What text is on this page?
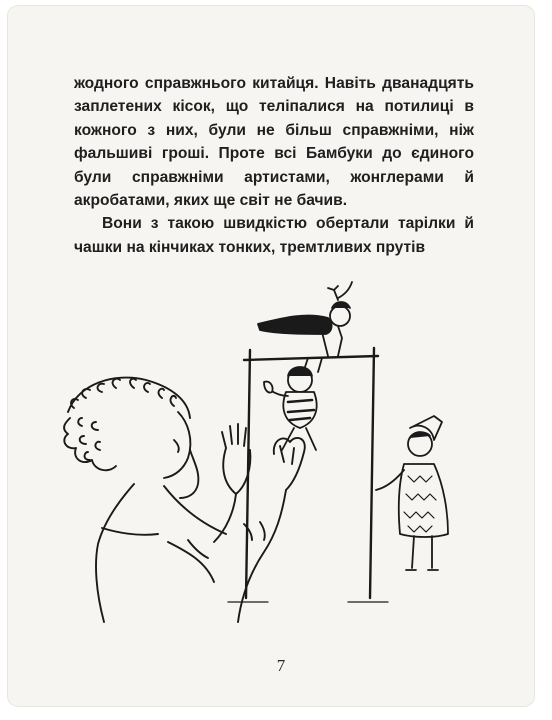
жодного справжнього китайця. Навіть дванадцять заплетених кісок, що теліпалися на потилиці в кожного з них, були не більш справжніми, ніж фальшиві гроші. Проте всі Бамбуки до єдиного були справжніми артистами, жонглерами й акробатами, яких ще світ не бачив.

Вони з такою швидкістю обертали тарілки й чашки на кінчиках тонких, тремтливих прутів

7
